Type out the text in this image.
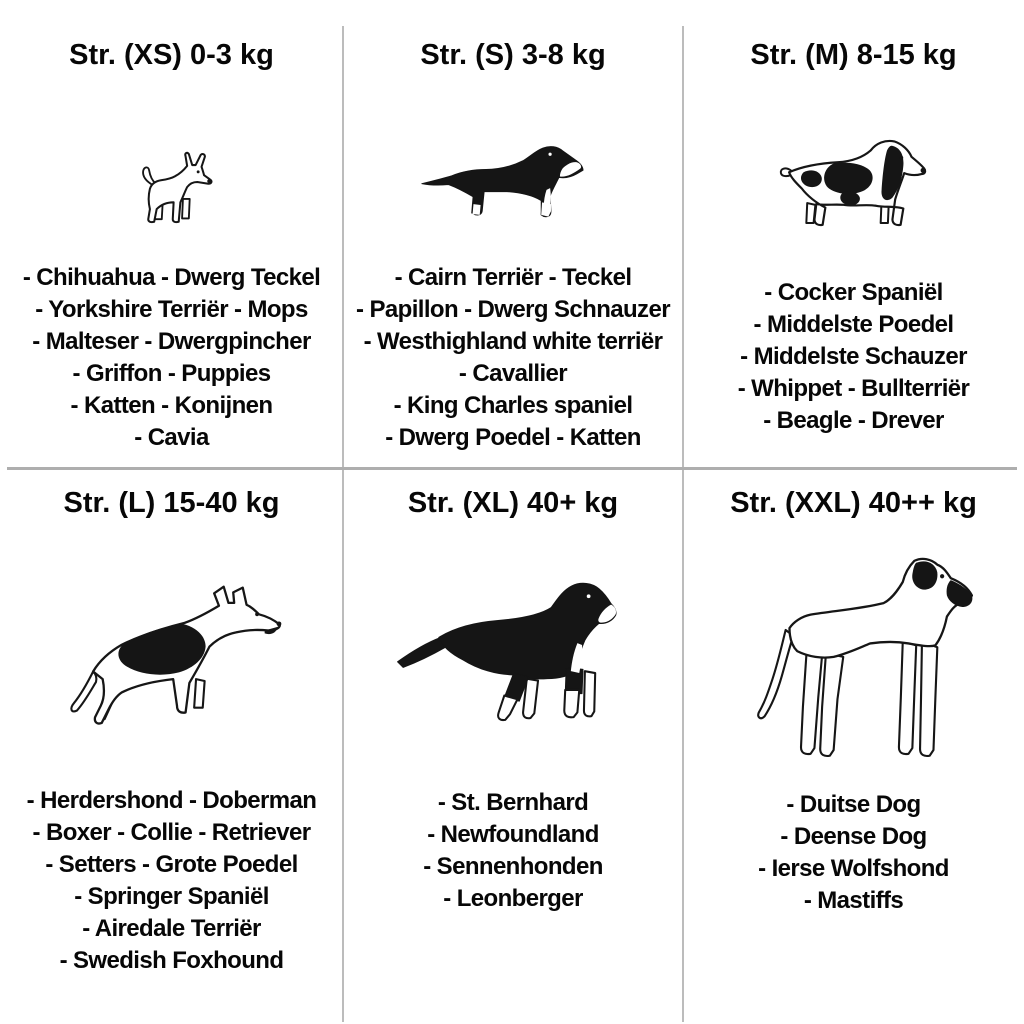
Str. (XS) 0-3 kg
- Chihuahua - Dwerg Teckel
- Yorkshire Terriër - Mops
- Malteser - Dwergpincher
- Griffon - Puppies
- Katten - Konijnen
- Cavia
Str. (S) 3-8 kg
- Cairn Terriër - Teckel
- Papillon - Dwerg Schnauzer
- Westhighland white terriër
- Cavallier
- King Charles spaniel
- Dwerg Poedel - Katten
Str. (M) 8-15 kg
- Cocker Spaniël
- Middelste Poedel
- Middelste Schauzer
- Whippet - Bullterriër
- Beagle - Drever
Str. (L) 15-40 kg
- Herdershond - Doberman
- Boxer - Collie - Retriever
- Setters - Grote Poedel
- Springer Spaniël
- Airedale Terriër
- Swedish Foxhound
Str. (XL) 40+ kg
- St. Bernhard
- Newfoundland
- Sennenhonden
- Leonberger
Str. (XXL) 40++ kg
- Duitse Dog
- Deense Dog
- Ierse Wolfshond
- Mastiffs
